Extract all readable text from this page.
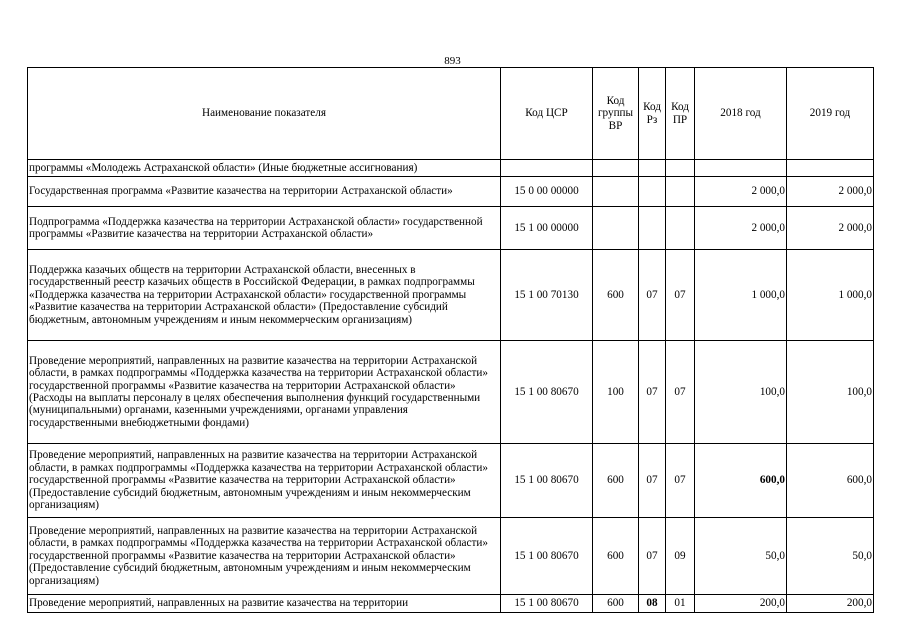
893
Наименование показателя	Код ЦСР	Код группы ВР	Код Рз	Код ПР	2018 год	2019 год
программы «Молодежь Астраханской области» (Иные бюджетные ассигнования)						
Государственная программа «Развитие казачества на территории Астраханской области»	15 0 00 00000				2 000,0	2 000,0
Подпрограмма «Поддержка казачества на территории Астраханской области» государственной программы «Развитие казачества на территории Астраханской области»	15 1 00 00000				2 000,0	2 000,0
Поддержка казачьих обществ на территории Астраханской области, внесенных в государственный реестр казачьих обществ в Российской Федерации, в рамках подпрограммы «Поддержка казачества на территории Астраханской области» государственной программы «Развитие казачества на территории Астраханской области» (Предоставление субсидий бюджетным, автономным учреждениям и иным некоммерческим организациям)	15 1 00 70130	600	07	07	1 000,0	1 000,0
Проведение мероприятий, направленных на развитие казачества на территории Астраханской области, в рамках подпрограммы «Поддержка казачества на территории Астраханской области» государственной программы «Развитие казачества на территории Астраханской области» (Расходы на выплаты персоналу в целях обеспечения выполнения функций государственными (муниципальными) органами, казенными учреждениями, органами управления государственными внебюджетными фондами)	15 1 00 80670	100	07	07	100,0	100,0
Проведение мероприятий, направленных на развитие казачества на территории Астраханской области, в рамках подпрограммы «Поддержка казачества на территории Астраханской области» государственной программы «Развитие казачества на территории Астраханской области» (Предоставление субсидий бюджетным, автономным учреждениям и иным некоммерческим организациям)	15 1 00 80670	600	07	07	600,0	600,0
Проведение мероприятий, направленных на развитие казачества на территории Астраханской области, в рамках подпрограммы «Поддержка казачества на территории Астраханской области» государственной программы «Развитие казачества на территории Астраханской области» (Предоставление субсидий бюджетным, автономным учреждениям и иным некоммерческим организациям)	15 1 00 80670	600	07	09	50,0	50,0
Проведение мероприятий, направленных на развитие казачества на территории	15 1 00 80670	600	08	01	200,0	200,0
